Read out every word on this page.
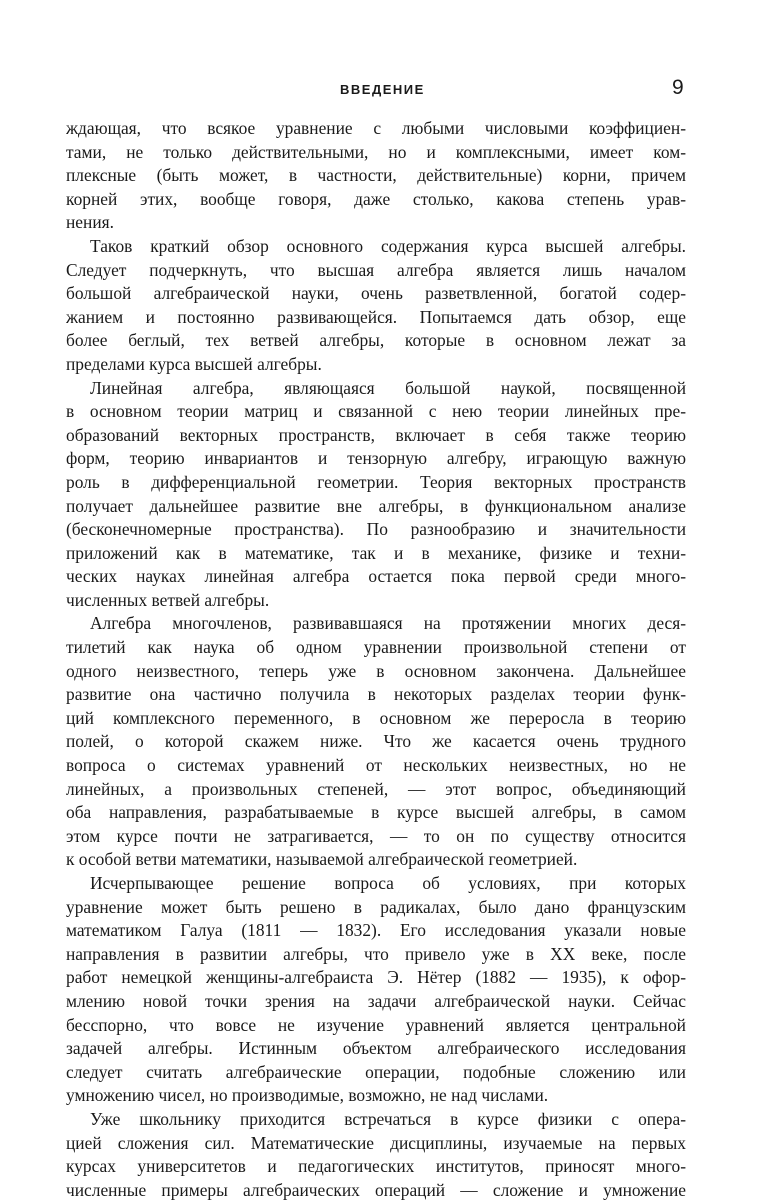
ВВЕДЕНИЕ	9
ждающая, что всякое уравнение с любыми числовыми коэффициен-
тами, не только действительными, но и комплексными, имеет ком-
плексные (быть может, в частности, действительные) корни, причем
корней этих, вообще говоря, даже столько, какова степень урав-
нения.
Таков краткий обзор основного содержания курса высшей алгебры.
Следует подчеркнуть, что высшая алгебра является лишь началом
большой алгебраической науки, очень разветвленной, богатой содер-
жанием и постоянно развивающейся. Попытаемся дать обзор, еще
более беглый, тех ветвей алгебры, которые в основном лежат за
пределами курса высшей алгебры.
Линейная алгебра, являющаяся большой наукой, посвященной
в основном теории матриц и связанной с нею теории линейных пре-
образований векторных пространств, включает в себя также теорию
форм, теорию инвариантов и тензорную алгебру, играющую важную
роль в дифференциальной геометрии. Теория векторных пространств
получает дальнейшее развитие вне алгебры, в функциональном анализе
(бесконечномерные пространства). По разнообразию и значительности
приложений как в математике, так и в механике, физике и техни-
ческих науках линейная алгебра остается пока первой среди много-
численных ветвей алгебры.
Алгебра многочленов, развивавшаяся на протяжении многих деся-
тилетий как наука об одном уравнении произвольной степени от
одного неизвестного, теперь уже в основном закончена. Дальнейшее
развитие она частично получила в некоторых разделах теории функ-
ций комплексного переменного, в основном же переросла в теорию
полей, о которой скажем ниже. Что же касается очень трудного
вопроса о системах уравнений от нескольких неизвестных, но не
линейных, а произвольных степеней, — этот вопрос, объединяющий
оба направления, разрабатываемые в курсе высшей алгебры, в самом
этом курсе почти не затрагивается, — то он по существу относится
к особой ветви математики, называемой алгебраической геометрией.
Исчерпывающее решение вопроса об условиях, при которых
уравнение может быть решено в радикалах, было дано французским
математиком Галуа (1811 — 1832). Его исследования указали новые
направления в развитии алгебры, что привело уже в XX веке, после
работ немецкой женщины-алгебраиста Э. Нётер (1882 — 1935), к офор-
млению новой точки зрения на задачи алгебраической науки. Сейчас
бесспорно, что вовсе не изучение уравнений является центральной
задачей алгебры. Истинным объектом алгебраического исследования
следует считать алгебраические операции, подобные сложению или
умножению чисел, но производимые, возможно, не над числами.
Уже школьнику приходится встречаться в курсе физики с опера-
цией сложения сил. Математические дисциплины, изучаемые на первых
курсах университетов и педагогических институтов, приносят много-
численные примеры алгебраических операций — сложение и умножение
